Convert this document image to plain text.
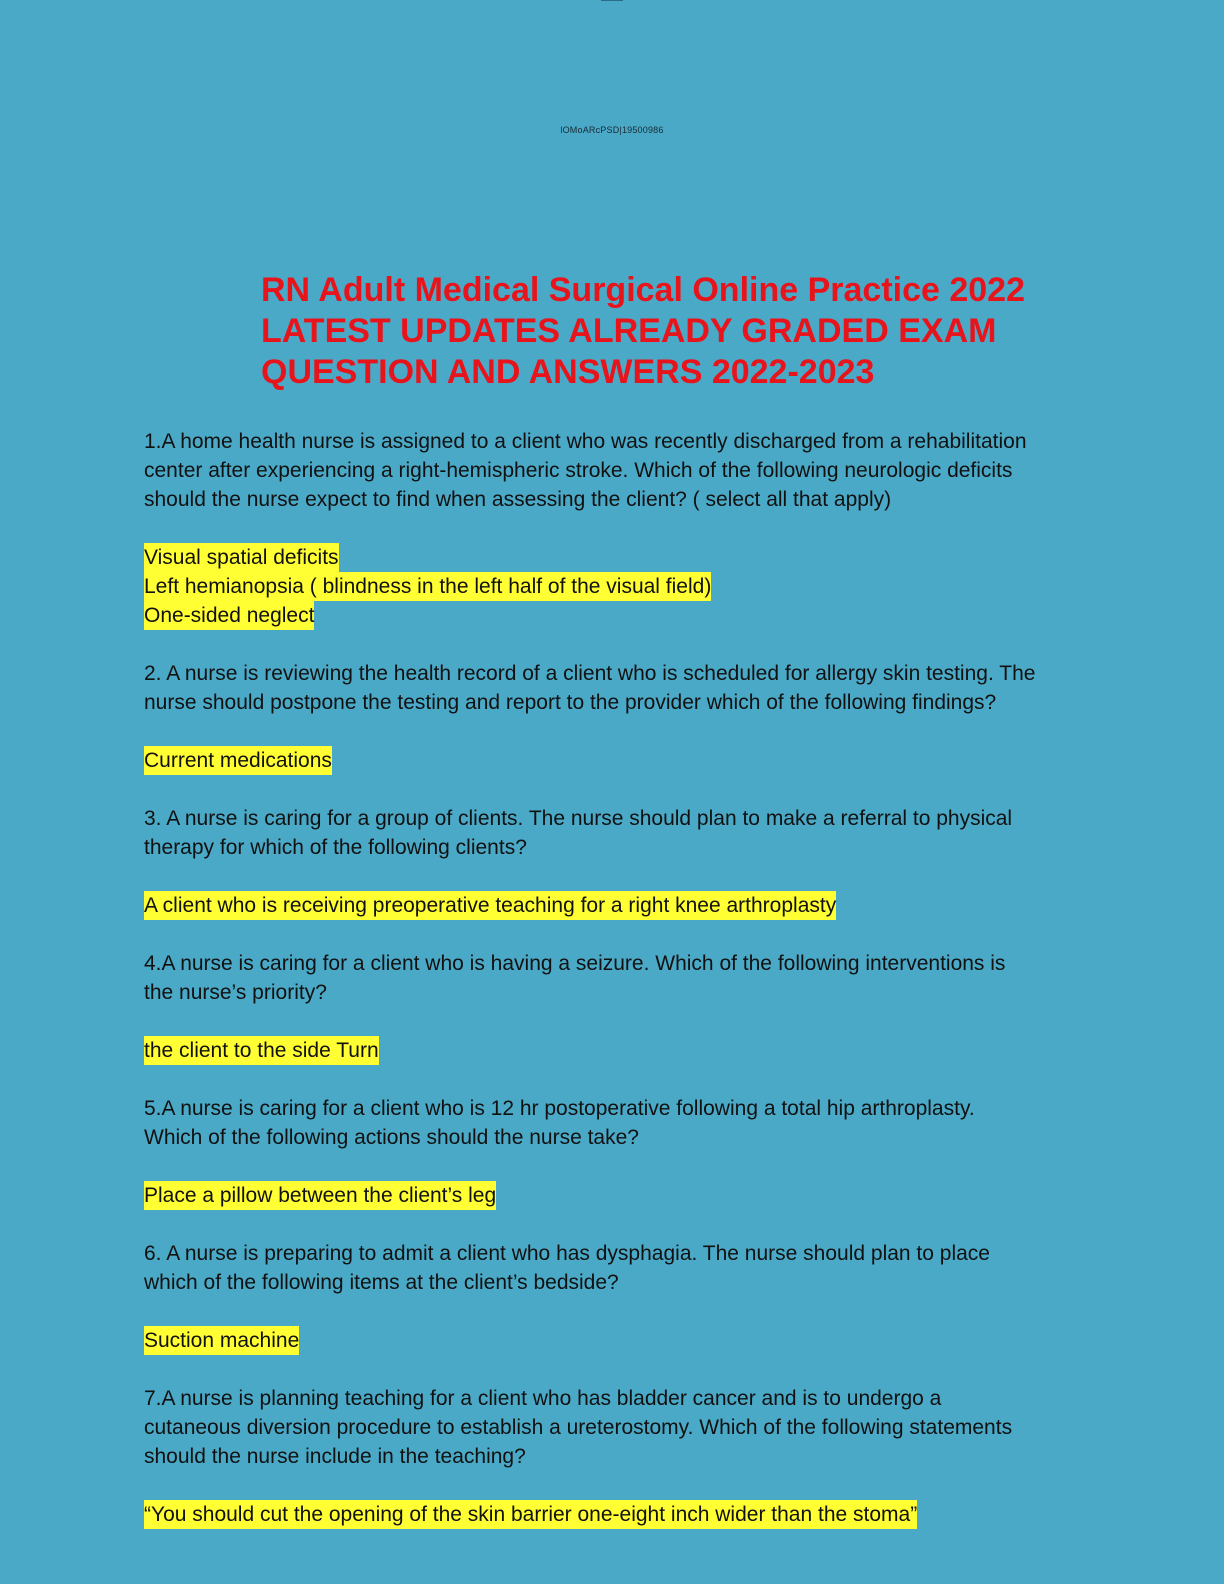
lOMoARcPSD|19500986
RN Adult Medical Surgical Online Practice 2022
LATEST UPDATES ALREADY GRADED EXAM
QUESTION AND ANSWERS 2022-2023

1.A home health nurse is assigned to a client who was recently discharged from a rehabilitation
center after experiencing a right-hemispheric stroke. Which of the following neurologic deficits
should the nurse expect to find when assessing the client? ( select all that apply)

Visual spatial deficits
Left hemianopsia ( blindness in the left half of the visual field)
One-sided neglect

2. A nurse is reviewing the health record of a client who is scheduled for allergy skin testing. The
nurse should postpone the testing and report to the provider which of the following findings?

Current medications

3. A nurse is caring for a group of clients. The nurse should plan to make a referral to physical
therapy for which of the following clients?

A client who is receiving preoperative teaching for a right knee arthroplasty

4.A nurse is caring for a client who is having a seizure. Which of the following interventions is
the nurse’s priority?

the client to the side Turn

5.A nurse is caring for a client who is 12 hr postoperative following a total hip arthroplasty.
Which of the following actions should the nurse take?

Place a pillow between the client’s leg

6. A nurse is preparing to admit a client who has dysphagia. The nurse should plan to place
which of the following items at the client’s bedside?

Suction machine

7.A nurse is planning teaching for a client who has bladder cancer and is to undergo a
cutaneous diversion procedure to establish a ureterostomy. Which of the following statements
should the nurse include in the teaching?

“You should cut the opening of the skin barrier one-eight inch wider than the stoma”
